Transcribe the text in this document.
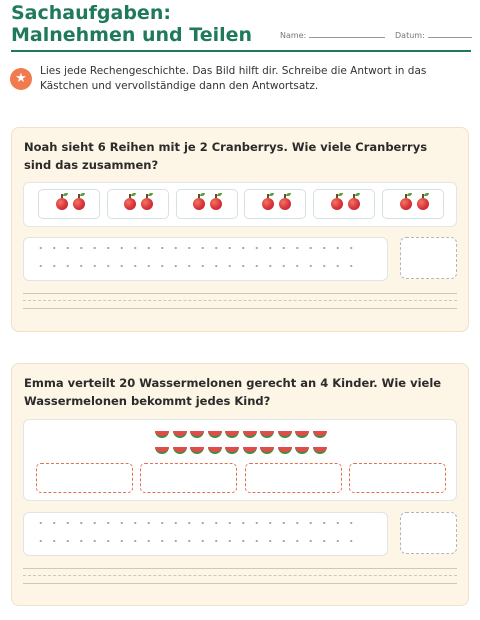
Sachaufgaben: Malnehmen und Teilen	Name:	Datum:
★	Lies jede Rechengeschichte. Das Bild hilft dir. Schreibe die Antwort in das Kästchen und vervollständige dann den Antwortsatz.
Noah sieht 6 Reihen mit je 2 Cranberrys. Wie viele Cranberrys sind das zusammen?
Emma verteilt 20 Wassermelonen gerecht an 4 Kinder. Wie viele Wassermelonen bekommt jedes Kind?
